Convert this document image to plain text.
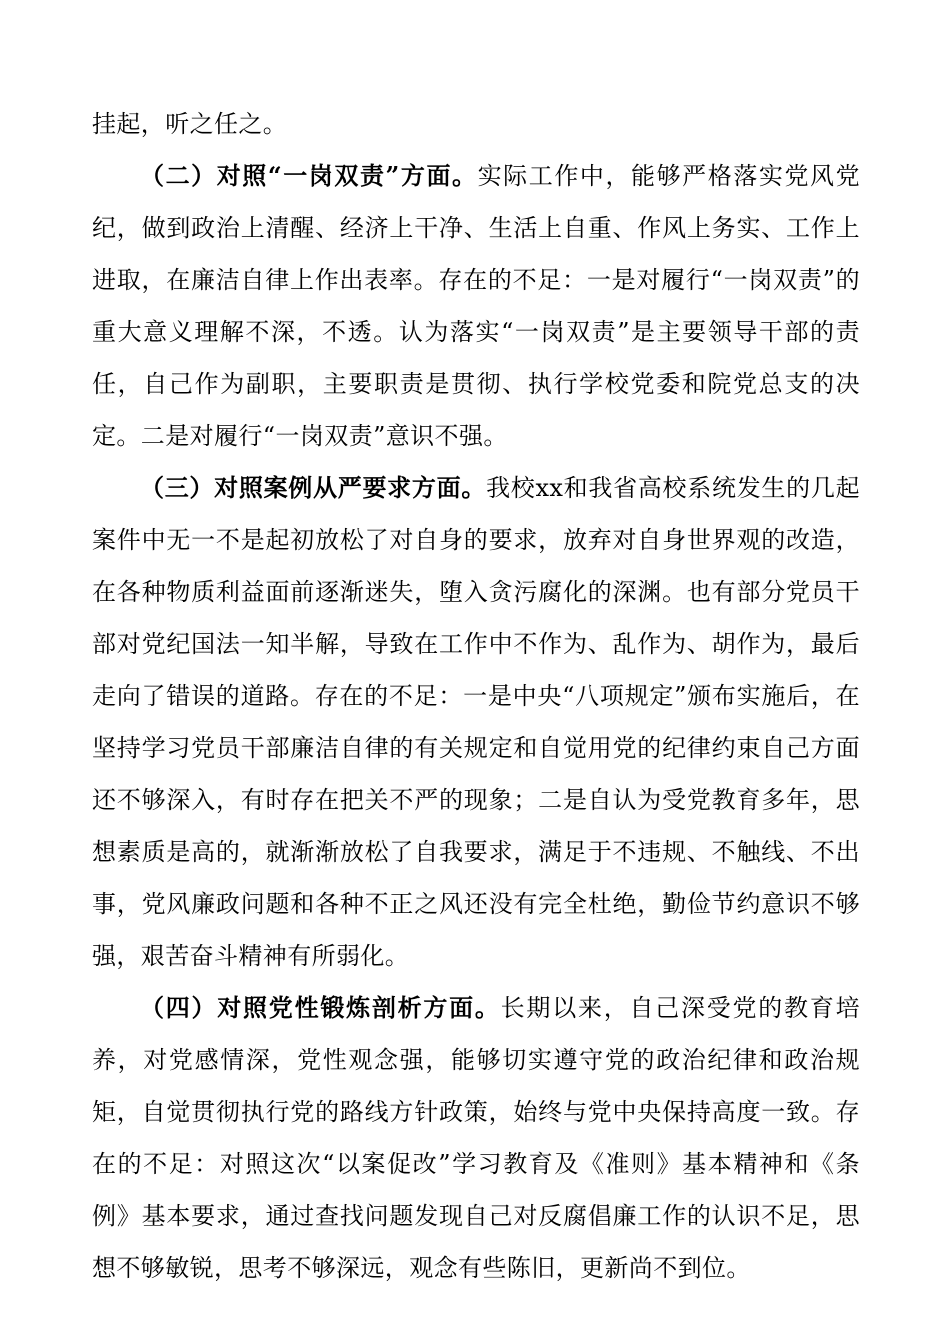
挂起，听之任之。

（二）对照“一岗双责”方面。实际工作中，能够严格落实党风党纪，做到政治上清醒、经济上干净、生活上自重、作风上务实、工作上进取，在廉洁自律上作出表率。存在的不足：一是对履行“一岗双责”的重大意义理解不深，不透。认为落实“一岗双责”是主要领导干部的责任，自己作为副职，主要职责是贯彻、执行学校党委和院党总支的决定。二是对履行“一岗双责”意识不强。

（三）对照案例从严要求方面。我校xx和我省高校系统发生的几起案件中无一不是起初放松了对自身的要求，放弃对自身世界观的改造，在各种物质利益面前逐渐迷失，堕入贪污腐化的深渊。也有部分党员干部对党纪国法一知半解，导致在工作中不作为、乱作为、胡作为，最后走向了错误的道路。存在的不足：一是中央“八项规定”颁布实施后，在坚持学习党员干部廉洁自律的有关规定和自觉用党的纪律约束自己方面还不够深入，有时存在把关不严的现象；二是自认为受党教育多年，思想素质是高的，就渐渐放松了自我要求，满足于不违规、不触线、不出事，党风廉政问题和各种不正之风还没有完全杜绝，勤俭节约意识不够强，艰苦奋斗精神有所弱化。

（四）对照党性锻炼剖析方面。长期以来，自己深受党的教育培养，对党感情深，党性观念强，能够切实遵守党的政治纪律和政治规矩，自觉贯彻执行党的路线方针政策，始终与党中央保持高度一致。存在的不足：对照这次“以案促改”学习教育及《准则》基本精神和《条例》基本要求，通过查找问题发现自己对反腐倡廉工作的认识不足，思想不够敏锐，思考不够深远，观念有些陈旧，更新尚不到位。
